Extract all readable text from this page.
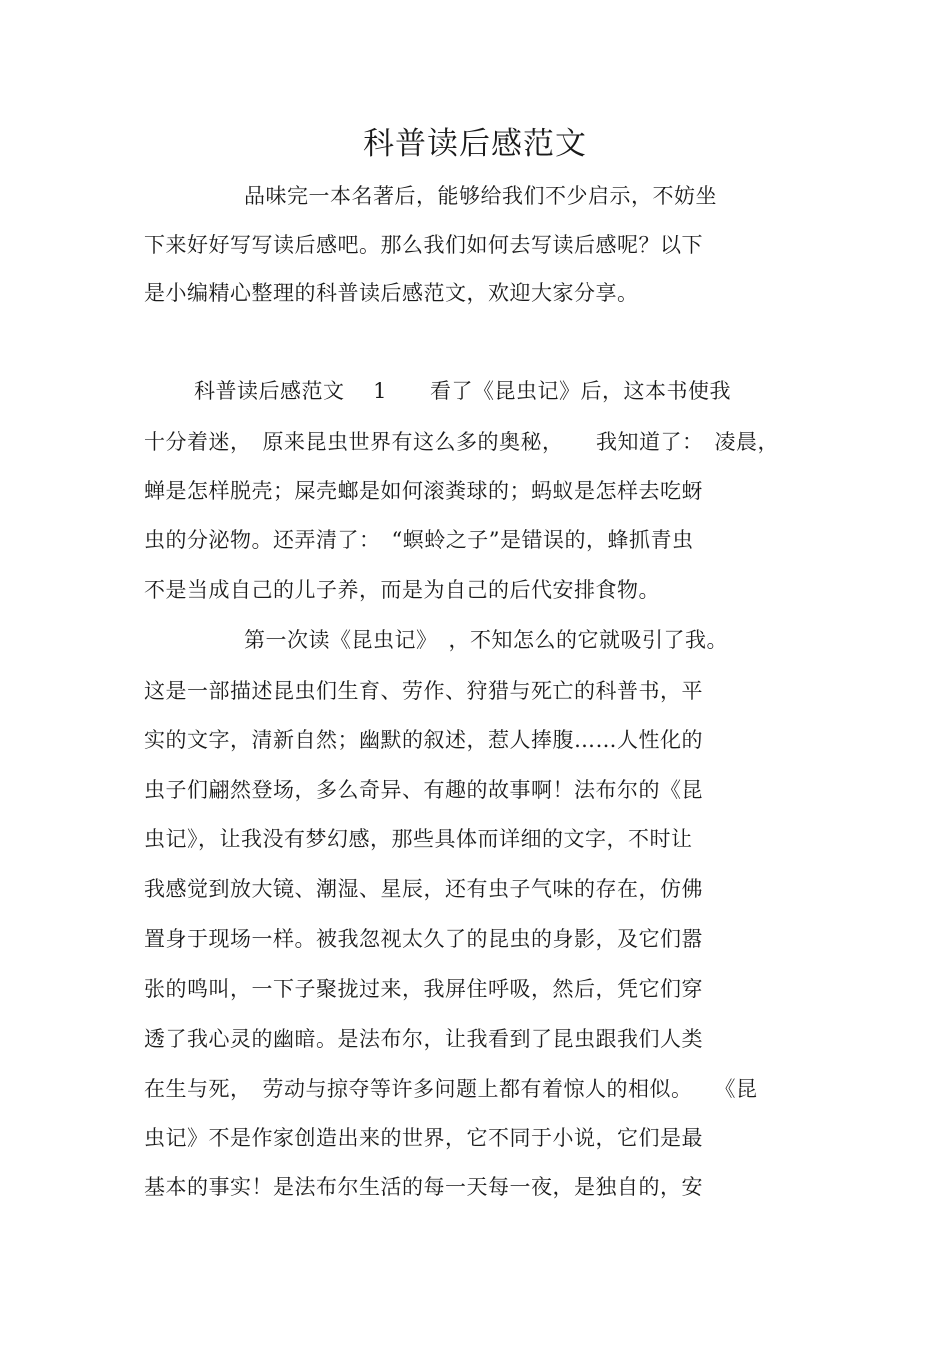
科普读后感范文
品味完一本名著后，能够给我们不少启示，不妨坐
下来好好写写读后感吧。那么我们如何去写读后感呢？以下
是小编精心整理的科普读后感范文，欢迎大家分享。
科普读后感范文　 1　　看了《昆虫记》后，这本书使我
十分着迷，　原来昆虫世界有这么多的奥秘，　　我知道了：　凌晨，
蝉是怎样脱壳；屎壳螂是如何滚粪球的；蚂蚁是怎样去吃蚜
虫的分泌物。还弄清了：　“螟蛉之子”是错误的，蜂抓青虫
不是当成自己的儿子养，而是为自己的后代安排食物。
第一次读《昆虫记》　，不知怎么的它就吸引了我。
这是一部描述昆虫们生育、劳作、狩猎与死亡的科普书，平
实的文字，清新自然；幽默的叙述，惹人捧腹……人性化的
虫子们翩然登场，多么奇异、有趣的故事啊！法布尔的《昆
虫记》，让我没有梦幻感，那些具体而详细的文字，不时让
我感觉到放大镜、潮湿、星辰，还有虫子气味的存在，仿佛
置身于现场一样。被我忽视太久了的昆虫的身影，及它们嚣
张的鸣叫，一下子聚拢过来，我屏住呼吸，然后，凭它们穿
透了我心灵的幽暗。是法布尔，让我看到了昆虫跟我们人类
在生与死，　劳动与掠夺等许多问题上都有着惊人的相似。　　《昆
虫记》不是作家创造出来的世界，它不同于小说，它们是最
基本的事实！是法布尔生活的每一天每一夜，是独自的，安
